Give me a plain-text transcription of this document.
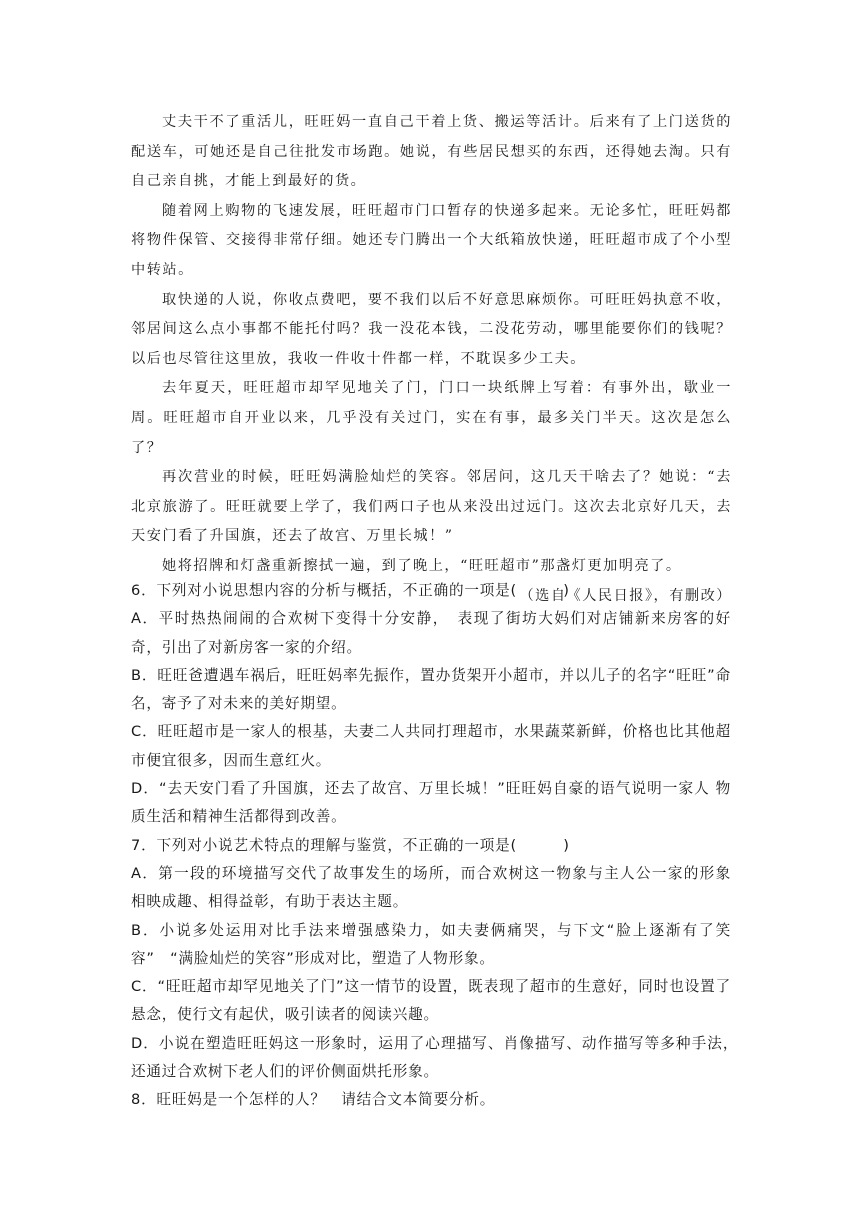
丈夫干不了重活儿，旺旺妈一直自己干着上货、搬运等活计。后来有了上门送货的配送车，可她还是自己往批发市场跑。她说，有些居民想买的东西，还得她去淘。只有自己亲自挑，才能上到最好的货。

随着网上购物的飞速发展，旺旺超市门口暂存的快递多起来。无论多忙，旺旺妈都将物件保管、交接得非常仔细。她还专门腾出一个大纸箱放快递，旺旺超市成了个小型中转站。

取快递的人说，你收点费吧，要不我们以后不好意思麻烦你。可旺旺妈执意不收，邻居间这么点小事都不能托付吗？我一没花本钱，二没花劳动，哪里能要你们的钱呢？以后也尽管往这里放，我收一件收十件都一样，不耽误多少工夫。

去年夏天，旺旺超市却罕见地关了门，门口一块纸牌上写着：有事外出，歇业一周。旺旺超市自开业以来，几乎没有关过门，实在有事，最多关门半天。这次是怎么了？

再次营业的时候，旺旺妈满脸灿烂的笑容。邻居问，这几天干啥去了？她说：“去北京旅游了。旺旺就要上学了，我们两口子也从来没出过远门。这次去北京好几天，去天安门看了升国旗，还去了故宫、万里长城！”

她将招牌和灯盏重新擦拭一遍，到了晚上，“旺旺超市”那盏灯更加明亮了。

（选自《人民日报》，有删改）

6．下列对小说思想内容的分析与概括，不正确的一项是(　　　)

A．平时热热闹闹的合欢树下变得十分安静，　表现了街坊大妈们对店铺新来房客的好奇，引出了对新房客一家的介绍。

B．旺旺爸遭遇车祸后，旺旺妈率先振作，置办货架开小超市，并以儿子的名字“旺旺”命名，寄予了对未来的美好期望。

C．旺旺超市是一家人的根基，夫妻二人共同打理超市，水果蔬菜新鲜，价格也比其他超市便宜很多，因而生意红火。

D．“去天安门看了升国旗，还去了故宫、万里长城！”旺旺妈自豪的语气说明一家人 物质生活和精神生活都得到改善。

7．下列对小说艺术特点的理解与鉴赏，不正确的一项是(　　　)

A．第一段的环境描写交代了故事发生的场所，而合欢树这一物象与主人公一家的形象　相映成趣、相得益彰，有助于表达主题。

B．小说多处运用对比手法来增强感染力，如夫妻俩痛哭，与下文“脸上逐渐有了笑容”　“满脸灿烂的笑容”形成对比，塑造了人物形象。

C．“旺旺超市却罕见地关了门”这一情节的设置，既表现了超市的生意好，同时也设置了悬念，使行文有起伏，吸引读者的阅读兴趣。

D．小说在塑造旺旺妈这一形象时，运用了心理描写、肖像描写、动作描写等多种手法，　还通过合欢树下老人们的评价侧面烘托形象。

8．旺旺妈是一个怎样的人？　请结合文本简要分析。
